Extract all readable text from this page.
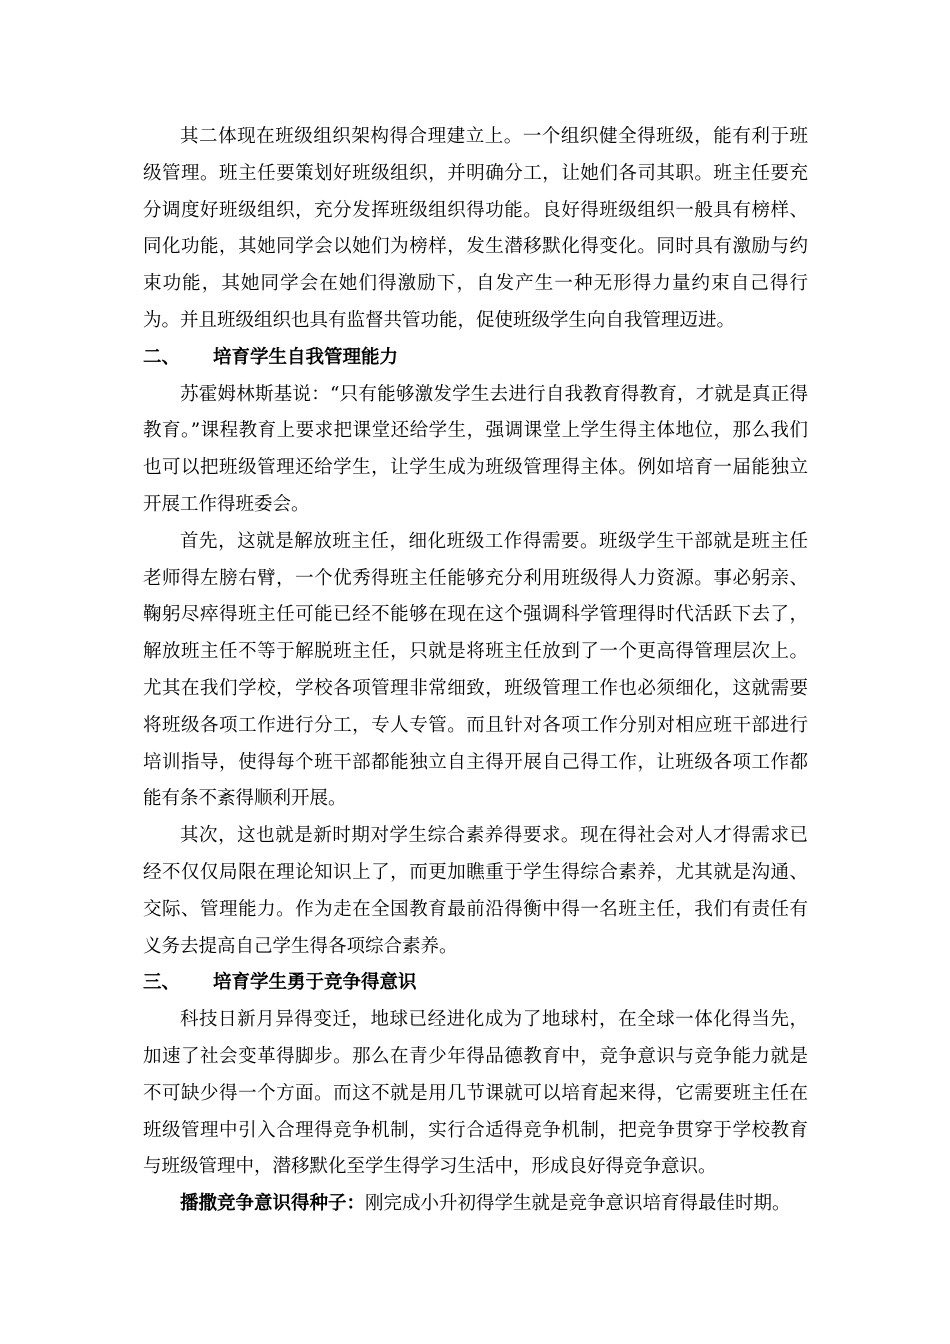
其二体现在班级组织架构得合理建立上。一个组织健全得班级，能有利于班级管理。班主任要策划好班级组织，并明确分工，让她们各司其职。班主任要充分调度好班级组织，充分发挥班级组织得功能。良好得班级组织一般具有榜样、同化功能，其她同学会以她们为榜样，发生潜移默化得变化。同时具有激励与约束功能，其她同学会在她们得激励下，自发产生一种无形得力量约束自己得行为。并且班级组织也具有监督共管功能，促使班级学生向自我管理迈进。

二、	培育学生自我管理能力

苏霍姆林斯基说：“只有能够激发学生去进行自我教育得教育，才就是真正得教育。”课程教育上要求把课堂还给学生，强调课堂上学生得主体地位，那么我们也可以把班级管理还给学生，让学生成为班级管理得主体。例如培育一届能独立开展工作得班委会。

首先，这就是解放班主任，细化班级工作得需要。班级学生干部就是班主任老师得左膀右臂，一个优秀得班主任能够充分利用班级得人力资源。事必躬亲、鞠躬尽瘁得班主任可能已经不能够在现在这个强调科学管理得时代活跃下去了，解放班主任不等于解脱班主任，只就是将班主任放到了一个更高得管理层次上。尤其在我们学校，学校各项管理非常细致，班级管理工作也必须细化，这就需要将班级各项工作进行分工，专人专管。而且针对各项工作分别对相应班干部进行培训指导，使得每个班干部都能独立自主得开展自己得工作，让班级各项工作都能有条不紊得顺利开展。

其次，这也就是新时期对学生综合素养得要求。现在得社会对人才得需求已经不仅仅局限在理论知识上了，而更加瞧重于学生得综合素养，尤其就是沟通、交际、管理能力。作为走在全国教育最前沿得衡中得一名班主任，我们有责任有义务去提高自己学生得各项综合素养。

三、	培育学生勇于竞争得意识

科技日新月异得变迁，地球已经进化成为了地球村，在全球一体化得当先，加速了社会变革得脚步。那么在青少年得品德教育中，竞争意识与竞争能力就是不可缺少得一个方面。而这不就是用几节课就可以培育起来得，它需要班主任在班级管理中引入合理得竞争机制，实行合适得竞争机制，把竞争贯穿于学校教育与班级管理中，潜移默化至学生得学习生活中，形成良好得竞争意识。

播撒竞争意识得种子：刚完成小升初得学生就是竞争意识培育得最佳时期。
